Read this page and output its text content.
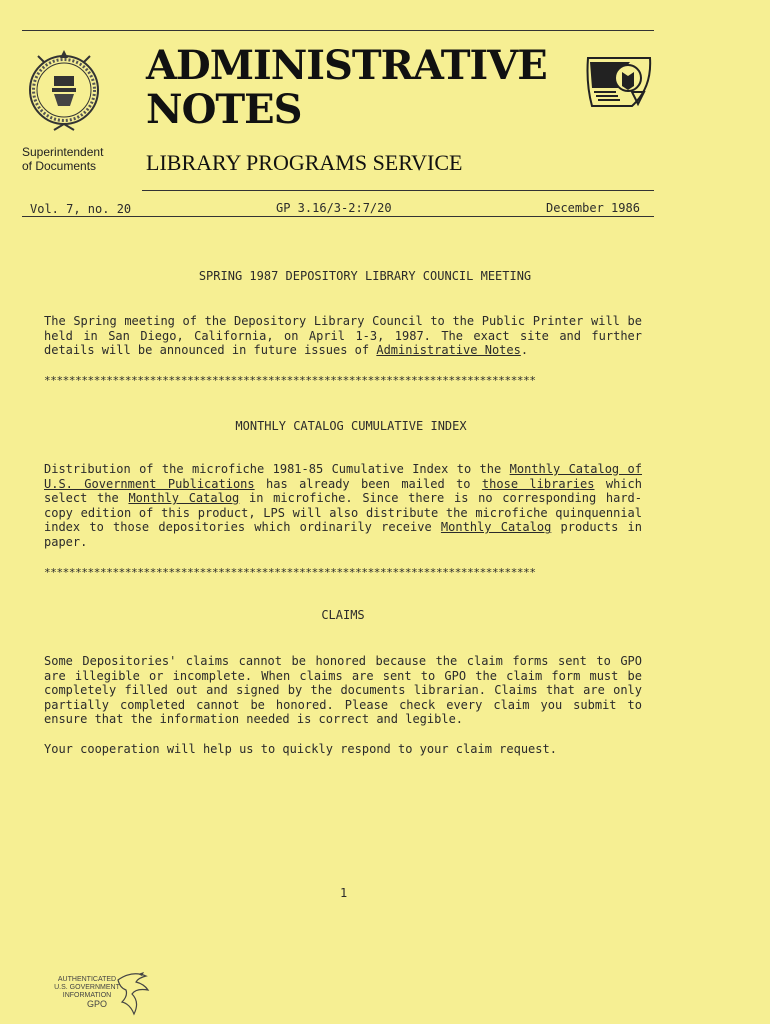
Superintendent
of Documents
ADMINISTRATIVE
NOTES
LIBRARY PROGRAMS SERVICE
Vol. 7, no. 20	GP 3.16/3-2:7/20	December 1986
SPRING 1987 DEPOSITORY LIBRARY COUNCIL MEETING
The Spring meeting of the Depository Library Council to the Public Printer will be held in San Diego, California, on April 1-3, 1987. The exact site and further details will be announced in future issues of Administrative Notes.
*******************************************************************************
MONTHLY CATALOG CUMULATIVE INDEX
Distribution of the microfiche 1981-85 Cumulative Index to the Monthly Catalog of U.S. Government Publications has already been mailed to those libraries which select the Monthly Catalog in microfiche. Since there is no corresponding hard-copy edition of this product, LPS will also distribute the microfiche quinquennial index to those depositories which ordinarily receive Monthly Catalog products in paper.
*******************************************************************************
CLAIMS
Some Depositories' claims cannot be honored because the claim forms sent to GPO are illegible or incomplete. When claims are sent to GPO the claim form must be completely filled out and signed by the documents librarian. Claims that are only partially completed cannot be honored. Please check every claim you submit to ensure that the information needed is correct and legible.
Your cooperation will help us to quickly respond to your claim request.
1
AUTHENTICATED
U.S. GOVERNMENT
INFORMATION
GPO
